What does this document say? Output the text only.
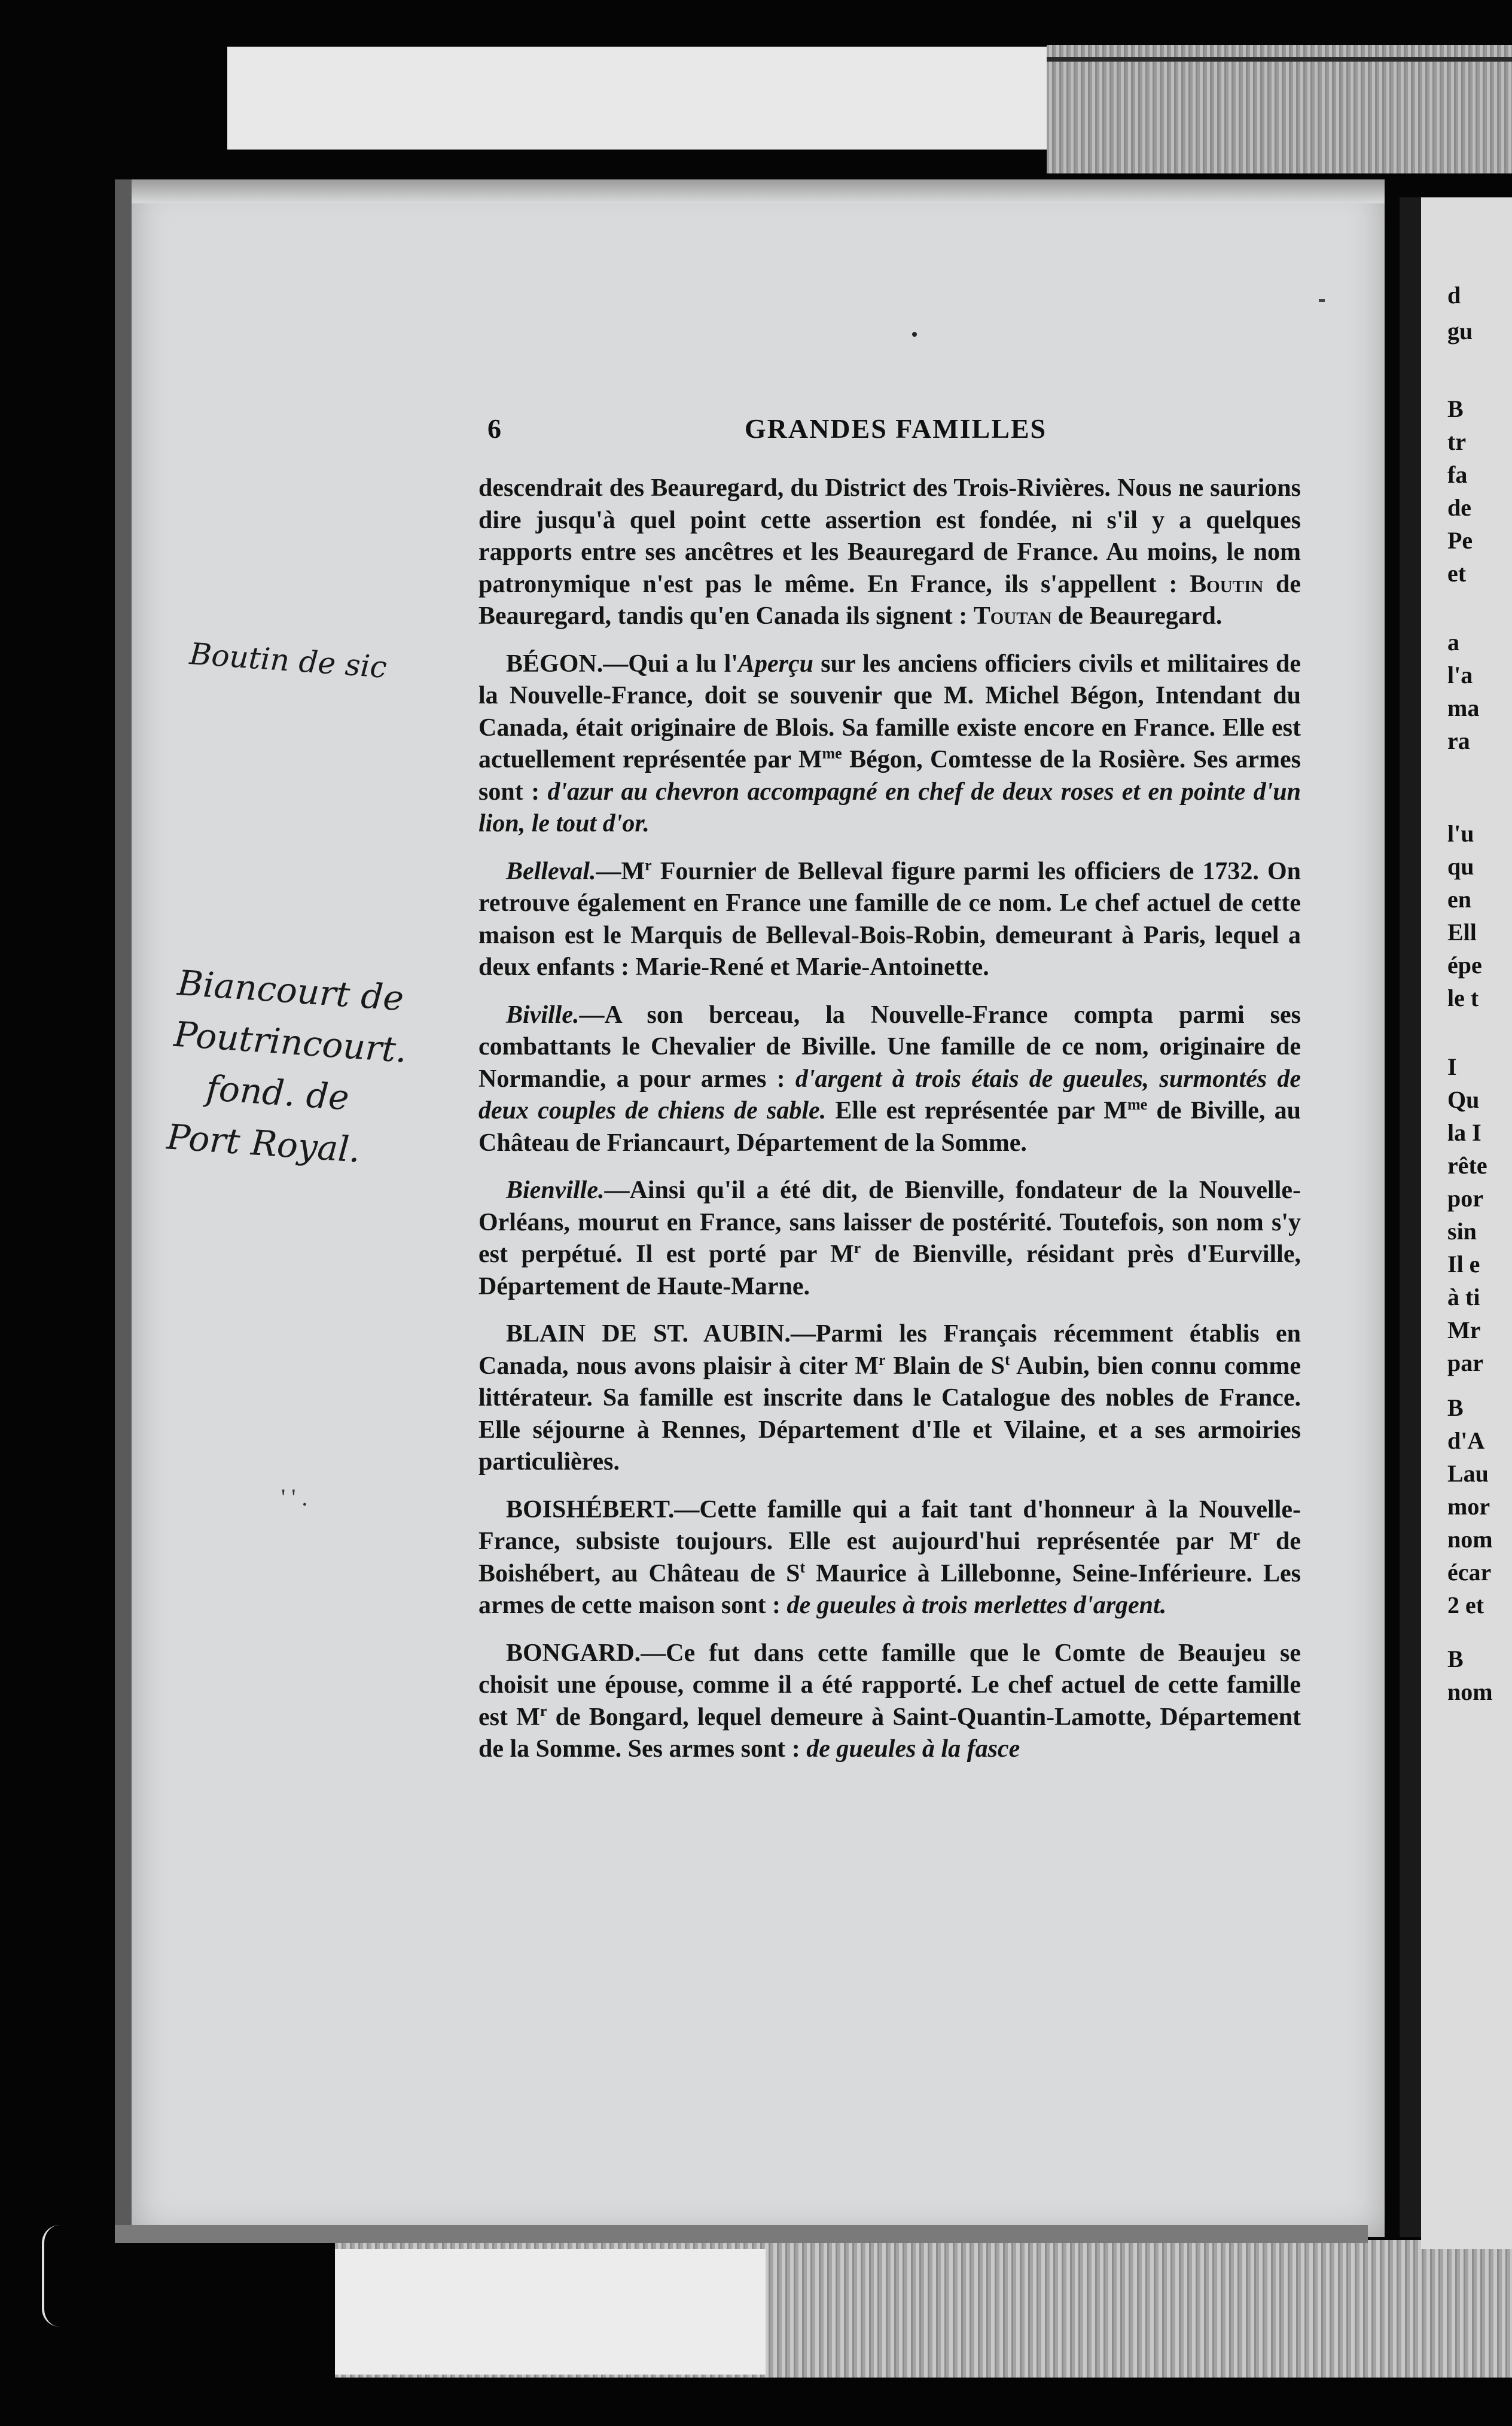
d
gu
B
tr
fa
de
Pe
et
a
l'a
ma
ra
l'u
qu
en
Ell
épe
le t
I
Qu
la I
rête
por
sin
Il e
à ti
Mr
par
B
d'A
Lau
mor
nom
écar
2 et
B
nom
6	GRANDES FAMILLES
Boutin de sic
Biancourt de
Poutrincourt.
fond. de
Port Royal.
' ' .

descendrait des Beauregard, du District des Trois-Rivières. Nous ne saurions dire jusqu'à quel point cette assertion est fondée, ni s'il y a quelques rapports entre ses ancêtres et les Beauregard de France. Au moins, le nom patronymique n'est pas le même. En France, ils s'appellent : Boutin de Beauregard, tandis qu'en Canada ils signent : Toutan de Beauregard.

BÉGON.—Qui a lu l'Aperçu sur les anciens officiers civils et militaires de la Nouvelle-France, doit se souvenir que M. Michel Bégon, Intendant du Canada, était originaire de Blois. Sa famille existe encore en France. Elle est actuellement représentée par $M^{me}$ Bégon, Comtesse de la Rosière. Ses armes sont : d'azur au chevron accompagné en chef de deux roses et en pointe d'un lion, le tout d'or.

$Belleval.—M^r$ Fournier de Belleval figure parmi les officiers de 1732. On retrouve également en France une famille de ce nom. Le chef actuel de cette maison est le Marquis de Belleval-Bois-Robin, demeurant à Paris, lequel a deux enfants : Marie-René et Marie-Antoinette.

Biville.—A son berceau, la Nouvelle-France compta parmi ses combattants le Chevalier de Biville. Une famille de ce nom, originaire de Normandie, a pour armes : d'argent à trois étais de gueules, surmontés de deux couples de chiens de sable. Elle est représentée par $M^{me}$ de Biville, au Château de Friancaurt, Département de la Somme.

Bienville.—Ainsi qu'il a été dit, de Bienville, fondateur de la Nouvelle-Orléans, mourut en France, sans laisser de postérité. Toutefois, son nom s'y est perpétué. Il est porté par $M^r$ de Bienville, résidant près d'Eurville, Département de Haute-Marne.

BLAIN DE ST. AUBIN.—Parmi les Français récemment établis en Canada, nous avons plaisir à citer $M^r$ Blain de $S^t$ Aubin, bien connu comme littérateur. Sa famille est inscrite dans le Catalogue des nobles de France. Elle séjourne à Rennes, Département d'Ile et Vilaine, et a ses armoiries particulières.

BOISHÉBERT.—Cette famille qui a fait tant d'honneur à la Nouvelle-France, subsiste toujours. Elle est aujourd'hui représentée par $M^r$ de Boishébert, au Château de $S^t$ Maurice à Lillebonne, Seine-Inférieure. Les armes de cette maison sont : de gueules à trois merlettes d'argent.

BONGARD.—Ce fut dans cette famille que le Comte de Beaujeu se choisit une épouse, comme il a été rapporté. Le chef actuel de cette famille est $M^r$ de Bongard, lequel demeure à Saint-Quantin-Lamotte, Département de la Somme. Ses armes sont : de gueules à la fasce
